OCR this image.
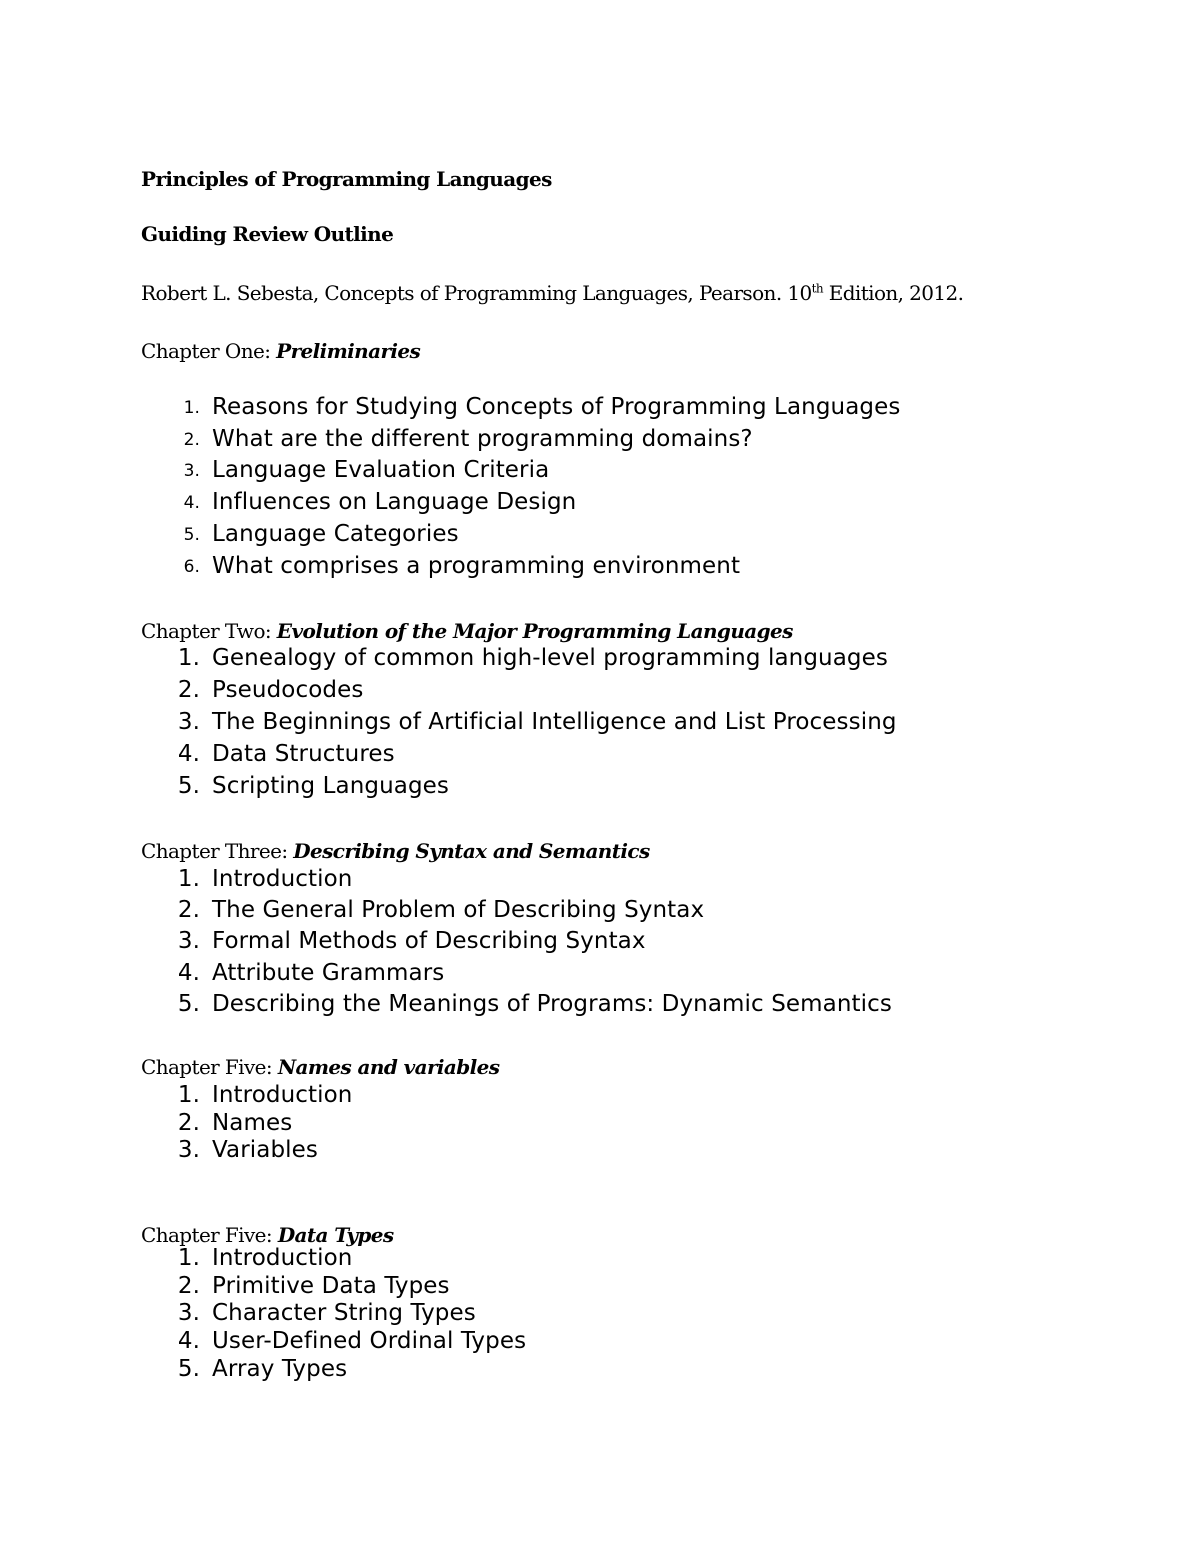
Principles of Programming Languages
Guiding Review Outline
Robert L. Sebesta, Concepts of Programming Languages, Pearson. 10th Edition, 2012.
Chapter One: Preliminaries
1. Reasons for Studying Concepts of Programming Languages
2. What are the different programming domains?
3. Language Evaluation Criteria
4. Influences on Language Design
5. Language Categories
6. What comprises a programming environment
Chapter Two: Evolution of the Major Programming Languages
1. Genealogy of common high-level programming languages
2. Pseudocodes
3. The Beginnings of Artificial Intelligence and List Processing
4. Data Structures
5. Scripting Languages
Chapter Three: Describing Syntax and Semantics
1. Introduction
2. The General Problem of Describing Syntax
3. Formal Methods of Describing Syntax
4. Attribute Grammars
5. Describing the Meanings of Programs: Dynamic Semantics
Chapter Five: Names and variables
1. Introduction
2. Names
3. Variables
Chapter Five: Data Types
1. Introduction
2. Primitive Data Types
3. Character String Types
4. User-Defined Ordinal Types
5. Array Types
